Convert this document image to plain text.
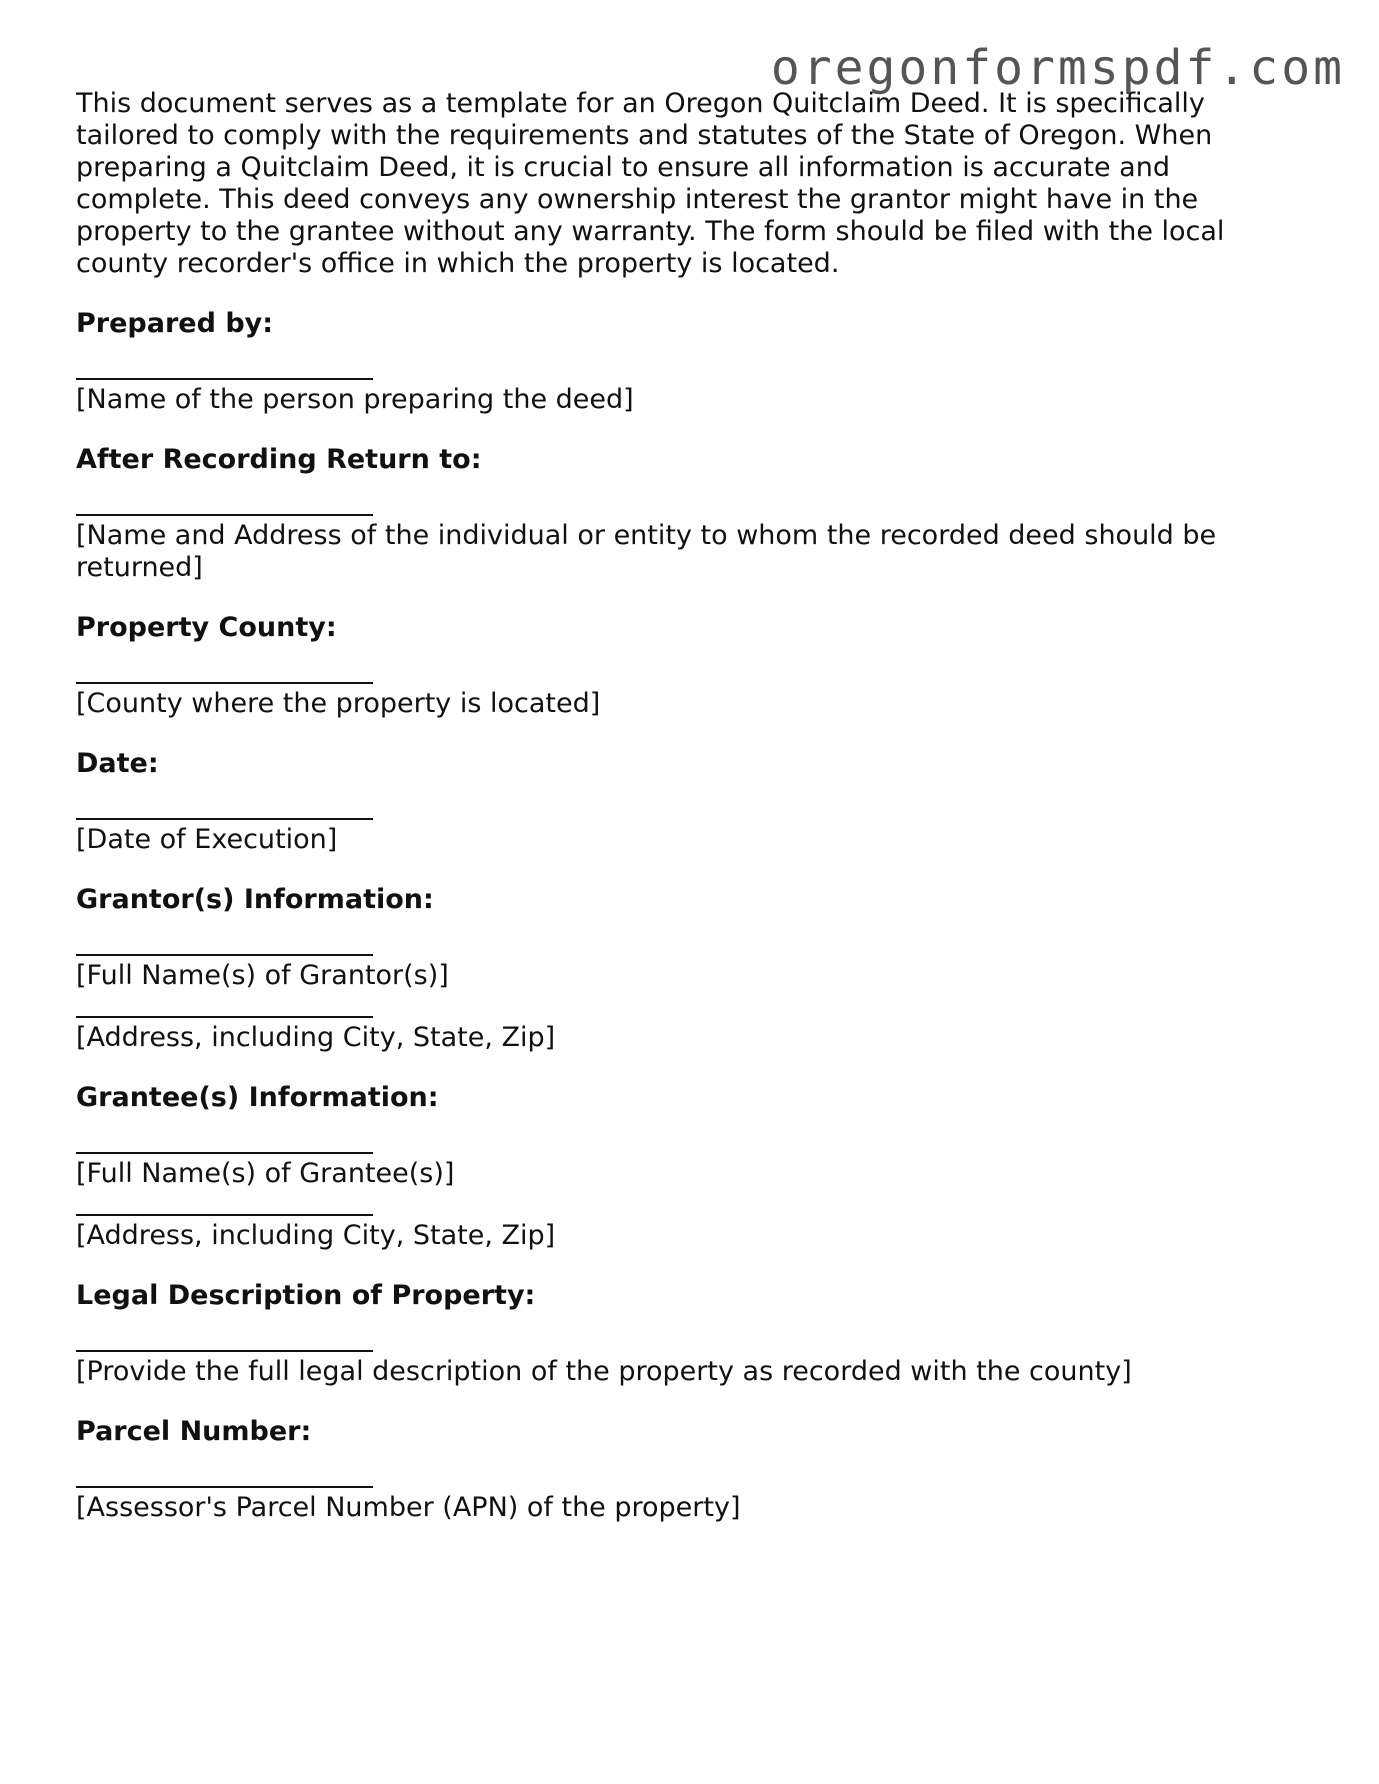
oregonformspdf.com

This document serves as a template for an Oregon Quitclaim Deed. It is specifically tailored to comply with the requirements and statutes of the State of Oregon. When preparing a Quitclaim Deed, it is crucial to ensure all information is accurate and complete. This deed conveys any ownership interest the grantor might have in the property to the grantee without any warranty. The form should be filed with the local county recorder's office in which the property is located.

Prepared by:

[Name of the person preparing the deed]

After Recording Return to:

[Name and Address of the individual or entity to whom the recorded deed should be returned]

Property County:

[County where the property is located]

Date:

[Date of Execution]

Grantor(s) Information:

[Full Name(s) of Grantor(s)]

[Address, including City, State, Zip]

Grantee(s) Information:

[Full Name(s) of Grantee(s)]

[Address, including City, State, Zip]

Legal Description of Property:

[Provide the full legal description of the property as recorded with the county]

Parcel Number:

[Assessor's Parcel Number (APN) of the property]
